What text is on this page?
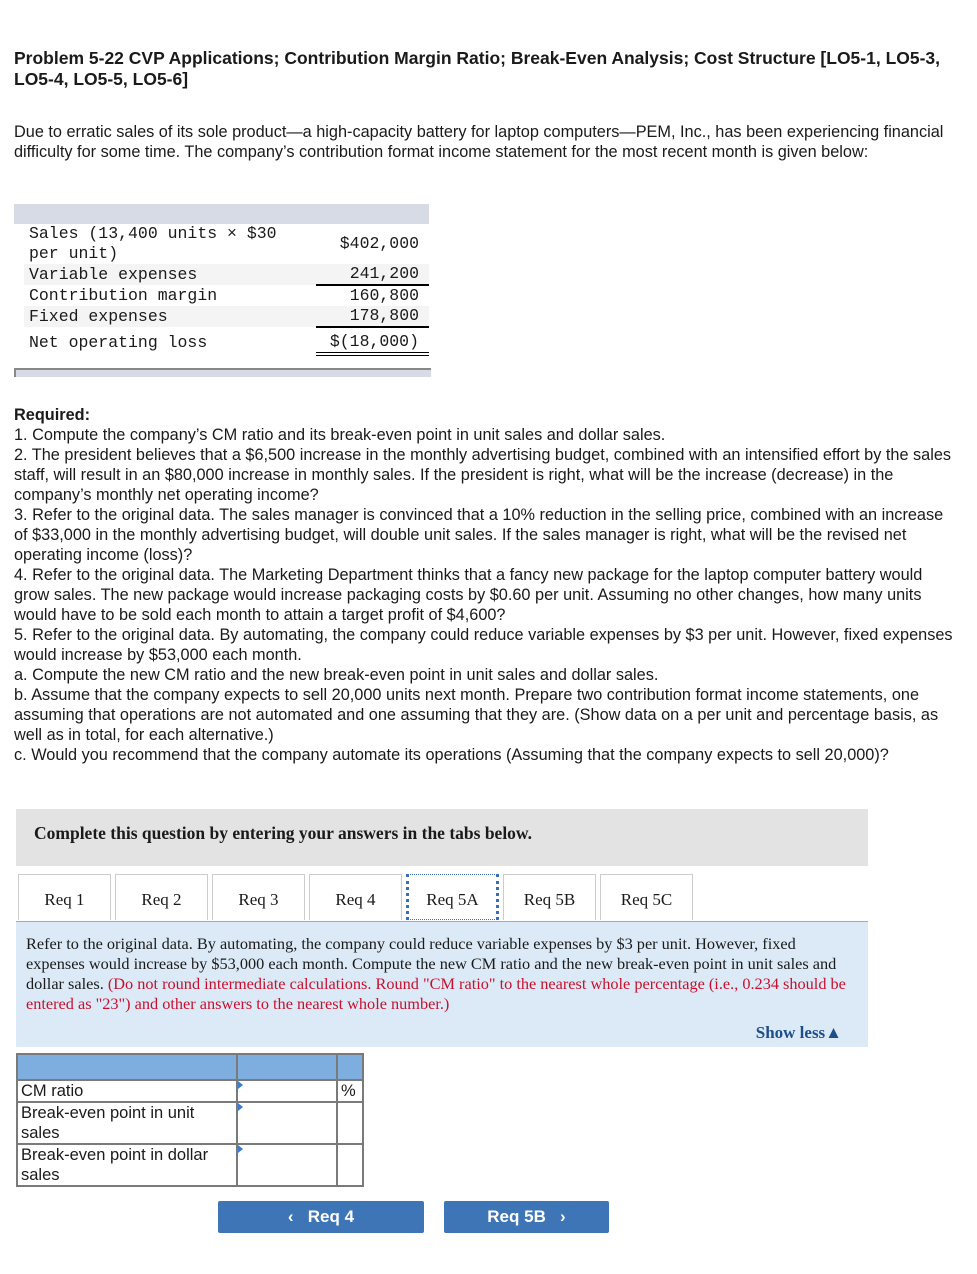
Problem 5-22 CVP Applications; Contribution Margin Ratio; Break-Even Analysis; Cost Structure [LO5-1, LO5-3, LO5-4, LO5-5, LO5-6]
Due to erratic sales of its sole product—a high-capacity battery for laptop computers—PEM, Inc., has been experiencing financial difficulty for some time. The company’s contribution format income statement for the most recent month is given below:
Sales (13,400 units × $30 per unit)	$402,000
Variable expenses	241,200
Contribution margin	160,800
Fixed expenses	178,800
Net operating loss	$(18,000)

Required:

1. Compute the company’s CM ratio and its break-even point in unit sales and dollar sales.

2. The president believes that a $6,500 increase in the monthly advertising budget, combined with an intensified effort by the sales staff, will result in an $80,000 increase in monthly sales. If the president is right, what will be the increase (decrease) in the company’s monthly net operating income?

3. Refer to the original data. The sales manager is convinced that a 10% reduction in the selling price, combined with an increase of $33,000 in the monthly advertising budget, will double unit sales. If the sales manager is right, what will be the revised net operating income (loss)?

4. Refer to the original data. The Marketing Department thinks that a fancy new package for the laptop computer battery would grow sales. The new package would increase packaging costs by $0.60 per unit. Assuming no other changes, how many units would have to be sold each month to attain a target profit of $4,600?

5. Refer to the original data. By automating, the company could reduce variable expenses by $3 per unit. However, fixed expenses would increase by $53,000 each month.

a. Compute the new CM ratio and the new break-even point in unit sales and dollar sales.

b. Assume that the company expects to sell 20,000 units next month. Prepare two contribution format income statements, one assuming that operations are not automated and one assuming that they are. (Show data on a per unit and percentage basis, as well as in total, for each alternative.)

c. Would you recommend that the company automate its operations (Assuming that the company expects to sell 20,000)?

Complete this question by entering your answers in the tabs below.
Req 1	Req 2	Req 3	Req 4	Req 5A	Req 5B	Req 5C
Refer to the original data. By automating, the company could reduce variable expenses by $3 per unit. However, fixed expenses would increase by $53,000 each month. Compute the new CM ratio and the new break-even point in unit sales and dollar sales. (Do not round intermediate calculations. Round "CM ratio" to the nearest whole percentage (i.e., 0.234 should be entered as "23") and other answers to the nearest whole number.)
Show less▲

CM ratio		%
Break-even point in unit sales	

Break-even point in dollar sales	

‹ Req 4	Req 5B ›
